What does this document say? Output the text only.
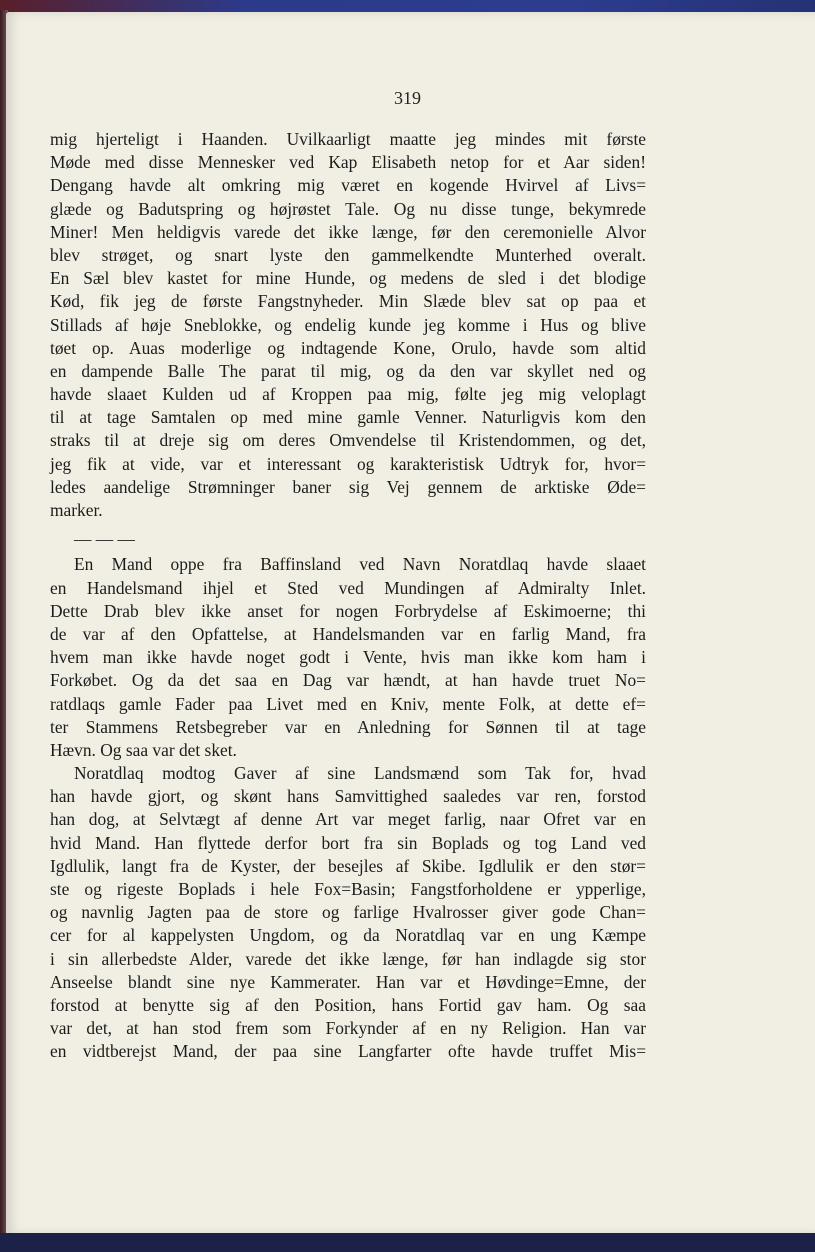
319
mig hjerteligt i Haanden. Uvilkaarligt maatte jeg mindes mit første
Møde med disse Mennesker ved Kap Elisabeth netop for et Aar siden!
Dengang havde alt omkring mig været en kogende Hvirvel af Livs=
glæde og Badutspring og højrøstet Tale. Og nu disse tunge, bekymrede
Miner! Men heldigvis varede det ikke længe, før den ceremonielle Alvor
blev strøget, og snart lyste den gammelkendte Munterhed overalt.
En Sæl blev kastet for mine Hunde, og medens de sled i det blodige
Kød, fik jeg de første Fangstnyheder. Min Slæde blev sat op paa et
Stillads af høje Sneblokke, og endelig kunde jeg komme i Hus og blive
tøet op. Auas moderlige og indtagende Kone, Orulo, havde som altid
en dampende Balle The parat til mig, og da den var skyllet ned og
havde slaaet Kulden ud af Kroppen paa mig, følte jeg mig veloplagt
til at tage Samtalen op med mine gamle Venner. Naturligvis kom den
straks til at dreje sig om deres Omvendelse til Kristendommen, og det,
jeg fik at vide, var et interessant og karakteristisk Udtryk for, hvor=
ledes aandelige Strømninger baner sig Vej gennem de arktiske Øde=
marker.
— — —
En Mand oppe fra Baffinsland ved Navn Noratdlaq havde slaaet
en Handelsmand ihjel et Sted ved Mundingen af Admiralty Inlet.
Dette Drab blev ikke anset for nogen Forbrydelse af Eskimoerne; thi
de var af den Opfattelse, at Handelsmanden var en farlig Mand, fra
hvem man ikke havde noget godt i Vente, hvis man ikke kom ham i
Forkøbet. Og da det saa en Dag var hændt, at han havde truet No=
ratdlaqs gamle Fader paa Livet med en Kniv, mente Folk, at dette ef=
ter Stammens Retsbegreber var en Anledning for Sønnen til at tage
Hævn. Og saa var det sket.
Noratdlaq modtog Gaver af sine Landsmænd som Tak for, hvad
han havde gjort, og skønt hans Samvittighed saaledes var ren, forstod
han dog, at Selvtægt af denne Art var meget farlig, naar Ofret var en
hvid Mand. Han flyttede derfor bort fra sin Boplads og tog Land ved
Igdlulik, langt fra de Kyster, der besejles af Skibe. Igdlulik er den stør=
ste og rigeste Boplads i hele Fox=Basin; Fangstforholdene er ypperlige,
og navnlig Jagten paa de store og farlige Hvalrosser giver gode Chan=
cer for al kappelysten Ungdom, og da Noratdlaq var en ung Kæmpe
i sin allerbedste Alder, varede det ikke længe, før han indlagde sig stor
Anseelse blandt sine nye Kammerater. Han var et Høvdinge=Emne, der
forstod at benytte sig af den Position, hans Fortid gav ham. Og saa
var det, at han stod frem som Forkynder af en ny Religion. Han var
en vidtberejst Mand, der paa sine Langfarter ofte havde truffet Mis=
